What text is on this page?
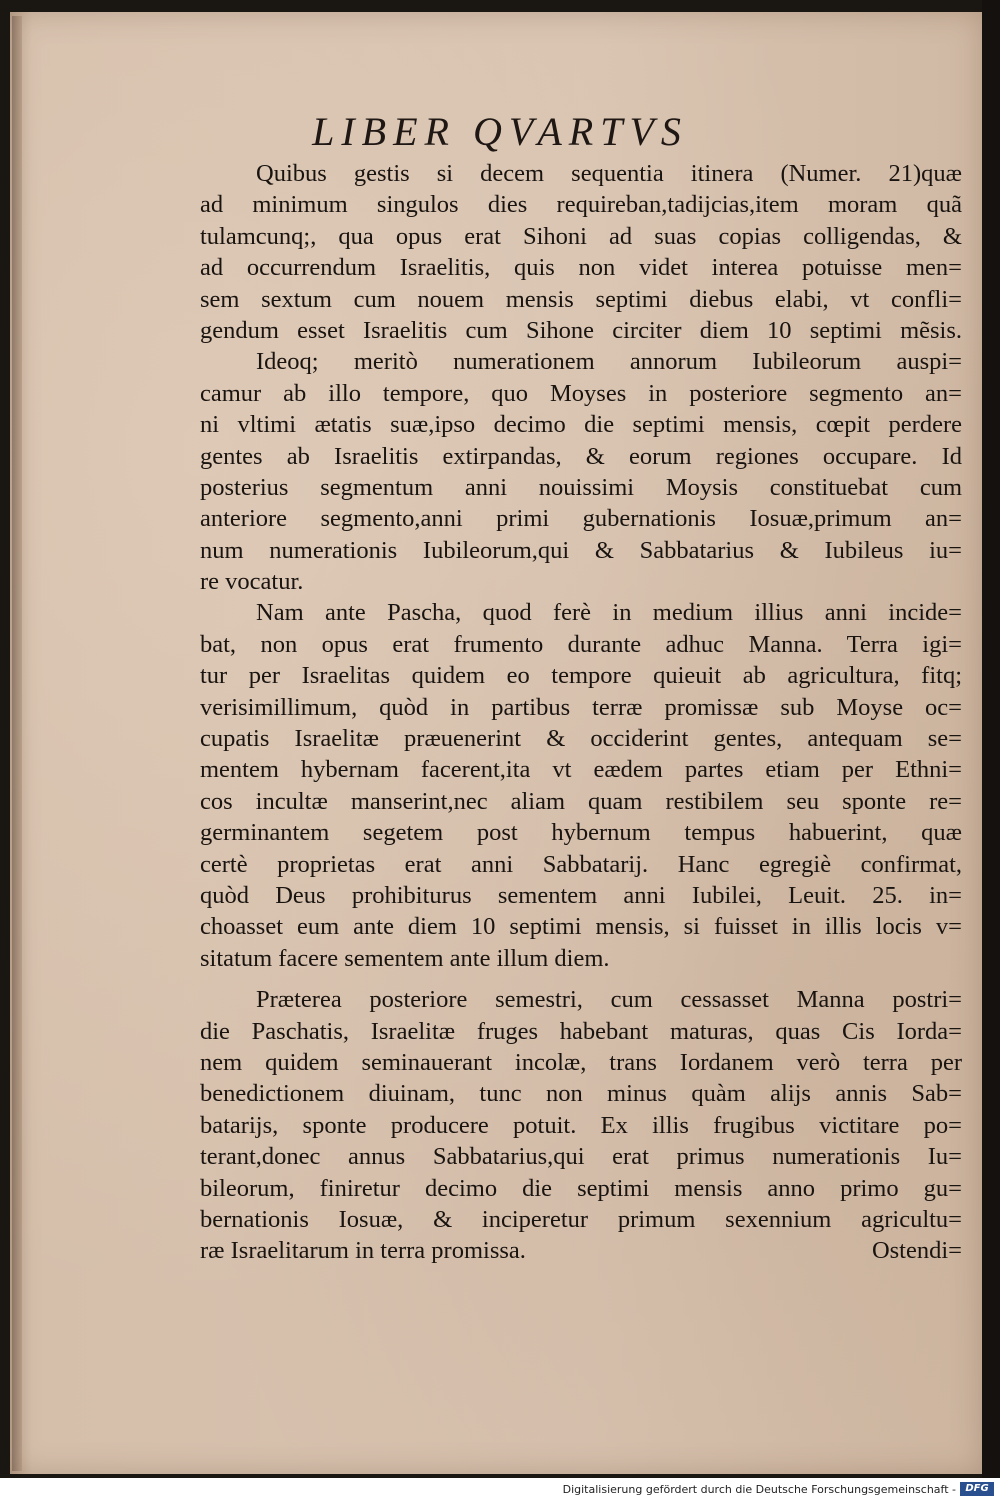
LIBER QVARTVS
Quibus gestis si decem sequentia itinera (Numer. 21)quæ
ad minimum singulos dies requireban,tadijcias,item moram quã
tulamcunq;, qua opus erat Sihoni ad suas copias colligendas, &
ad occurrendum Israelitis, quis non videt interea potuisse men=
sem sextum cum nouem mensis septimi diebus elabi, vt confli=
gendum esset Israelitis cum Sihone circiter diem 10 septimi mẽsis.
Ideoq; meritò numerationem annorum Iubileorum auspi=
camur ab illo tempore, quo Moyses in posteriore segmento an=
ni vltimi ætatis suæ,ipso decimo die septimi mensis, cœpit perdere
gentes ab Israelitis extirpandas, & eorum regiones occupare. Id
posterius segmentum anni nouissimi Moysis constituebat cum
anteriore segmento,anni primi gubernationis Iosuæ,primum an=
num numerationis Iubileorum,qui & Sabbatarius & Iubileus iu=
re vocatur.
Nam ante Pascha, quod ferè in medium illius anni incide=
bat, non opus erat frumento durante adhuc Manna. Terra igi=
tur per Israelitas quidem eo tempore quieuit ab agricultura, fitq;
verisimillimum, quòd in partibus terræ promissæ sub Moyse oc=
cupatis Israelitæ præuenerint & occiderint gentes, antequam se=
mentem hybernam facerent,ita vt eædem partes etiam per Ethni=
cos incultæ manserint,nec aliam quam restibilem seu sponte re=
germinantem segetem post hybernum tempus habuerint, quæ
certè proprietas erat anni Sabbatarij. Hanc egregiè confirmat,
quòd Deus prohibiturus sementem anni Iubilei, Leuit. 25. in=
choasset eum ante diem 10 septimi mensis, si fuisset in illis locis v=
sitatum facere sementem ante illum diem.
Præterea posteriore semestri, cum cessasset Manna postri=
die Paschatis, Israelitæ fruges habebant maturas, quas Cis Iorda=
nem quidem seminauerant incolæ, trans Iordanem verò terra per
benedictionem diuinam, tunc non minus quàm alijs annis Sab=
batarijs, sponte producere potuit. Ex illis frugibus victitare po=
terant,donec annus Sabbatarius,qui erat primus numerationis Iu=
bileorum, finiretur decimo die septimi mensis anno primo gu=
bernationis Iosuæ, & inciperetur primum sexennium agricultu=
ræ Israelitarum in terra promissa.	Ostendi=
Digitalisierung gefördert durch die Deutsche Forschungsgemeinschaft - DFG
